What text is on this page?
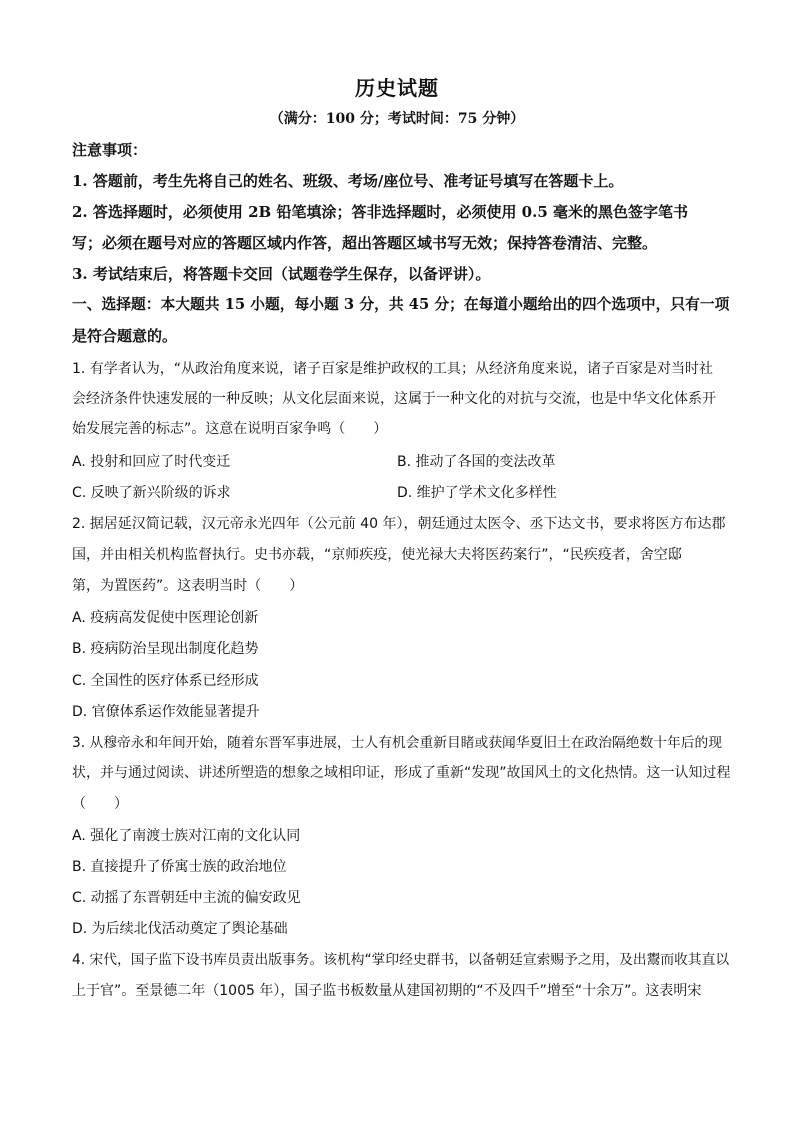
历史试题
（满分：100 分；考试时间：75 分钟）
注意事项：
1. 答题前，考生先将自己的姓名、班级、考场/座位号、准考证号填写在答题卡上。
2. 答选择题时，必须使用 2B 铅笔填涂；答非选择题时，必须使用 0.5 毫米的黑色签字笔书
写；必须在题号对应的答题区域内作答，超出答题区域书写无效；保持答卷清洁、完整。
3. 考试结束后，将答题卡交回（试题卷学生保存，以备评讲）。
一、选择题：本大题共 15 小题，每小题 3 分，共 45 分；在每道小题给出的四个选项中，只有一项
是符合题意的。
1. 有学者认为，“从政治角度来说，诸子百家是维护政权的工具；从经济角度来说，诸子百家是对当时社
会经济条件快速发展的一种反映；从文化层面来说，这属于一种文化的对抗与交流，也是中华文化体系开
始发展完善的标志”。这意在说明百家争鸣（　　）
A. 投射和回应了时代变迁	B. 推动了各国的变法改革
C. 反映了新兴阶级的诉求	D. 维护了学术文化多样性
2. 据居延汉简记载，汉元帝永光四年（公元前 40 年），朝廷通过太医令、丞下达文书，要求将医方布达郡
国，并由相关机构监督执行。史书亦载，“京师疾疫，使光禄大夫将医药案行”，“民疾疫者，舍空邸
第，为置医药”。这表明当时（　　）
A. 疫病高发促使中医理论创新
B. 疫病防治呈现出制度化趋势
C. 全国性的医疗体系已经形成
D. 官僚体系运作效能显著提升
3. 从穆帝永和年间开始，随着东晋军事进展，士人有机会重新目睹或获闻华夏旧土在政治隔绝数十年后的现
状，并与通过阅读、讲述所塑造的想象之域相印证，形成了重新“发现”故国风土的文化热情。这一认知过程
（　　）
A. 强化了南渡士族对江南的文化认同
B. 直接提升了侨寓士族的政治地位
C. 动摇了东晋朝廷中主流的偏安政见
D. 为后续北伐活动奠定了舆论基础
4. 宋代，国子监下设书库员责出版事务。该机构“掌印经史群书，以备朝廷宣索赐予之用，及出鬻而收其直以
上于官”。至景德二年（1005 年），国子监书板数量从建国初期的“不及四千”增至“十余万”。这表明宋
